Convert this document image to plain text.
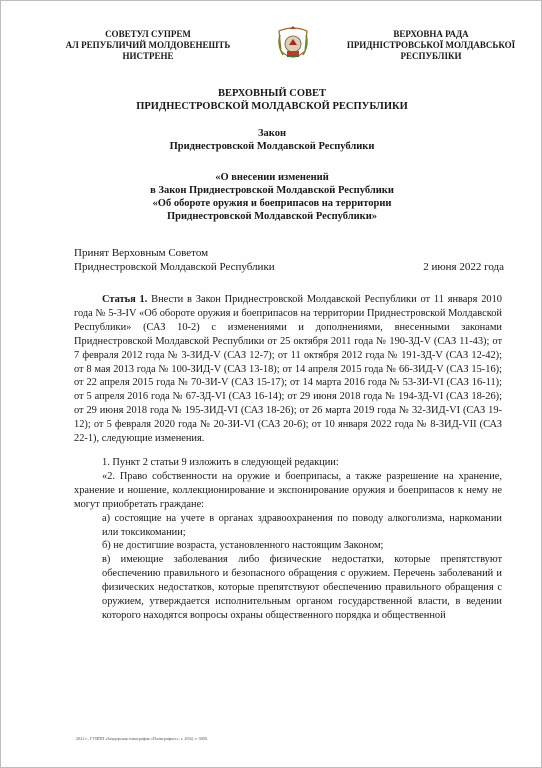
СОВЕТУЛ СУПРЕМ
АЛ РЕПУБЛИЧИЙ МОЛДОВЕНЕШТЬ
НИСТРЕНЕ
ВЕРХОВНА РАДА
ПРИДНІСТРОВСЬКОЇ МОЛДАВСЬКОЇ
РЕСПУБЛІКИ
ВЕРХОВНЫЙ СОВЕТ
ПРИДНЕСТРОВСКОЙ МОЛДАВСКОЙ РЕСПУБЛИКИ
Закон
Приднестровской Молдавской Республики
«О внесении изменений
в Закон Приднестровской Молдавской Республики
«Об обороте оружия и боеприпасов на территории
Приднестровской Молдавской Республики»
Принят Верховным Советом
Приднестровской Молдавской Республики	2 июня 2022 года

Статья 1. Внести в Закон Приднестровской Молдавской Республики от 11 января 2010 года № 5-З-IV «Об обороте оружия и боеприпасов на территории Приднестровской Молдавской Республики» (САЗ 10-2) с изменениями и дополнениями, внесенными законами Приднестровской Молдавской Республики от 25 октября 2011 года № 190-ЗД-V (САЗ 11-43); от 7 февраля 2012 года № 3-ЗИД-V (САЗ 12-7); от 11 октября 2012 года № 191-ЗД-V (САЗ 12-42); от 8 мая 2013 года № 100-ЗИД-V (САЗ 13-18); от 14 апреля 2015 года № 66-ЗИД-V (САЗ 15-16); от 22 апреля 2015 года № 70-ЗИ-V (САЗ 15-17); от 14 марта 2016 года № 53-ЗИ-VI (САЗ 16-11); от 5 апреля 2016 года № 67-ЗД-VI (САЗ 16-14); от 29 июня 2018 года № 194-ЗД-VI (САЗ 18-26); от 29 июня 2018 года № 195-ЗИД-VI (САЗ 18-26); от 26 марта 2019 года № 32-ЗИД-VI (САЗ 19-12); от 5 февраля 2020 года № 20-ЗИ-VI (САЗ 20-6); от 10 января 2022 года № 8-ЗИД-VII (САЗ 22-1), следующие изменения.

1. Пункт 2 статьи 9 изложить в следующей редакции:

«2. Право собственности на оружие и боеприпасы, а также разрешение на хранение, хранение и ношение, коллекционирование и экспонирование оружия и боеприпасов к нему не могут приобретать граждане:

а) состоящие на учете в органах здравоохранения по поводу алкоголизма, наркомании или токсикомании;

б) не достигшие возраста, установленного настоящим Законом;

в) имеющие заболевания либо физические недостатки, которые препятствуют обеспечению правильного и безопасного обращения с оружием. Перечень заболеваний и физических недостатков, которые препятствуют обеспечению правильного обращения с оружием, утверждается исполнительным органом государственной власти, в ведении которого находятся вопросы охраны общественного порядка и общественной

2021 г., ГУИПП «Бендерская типография «Полиграфист», з. 2034, т. 3000.
